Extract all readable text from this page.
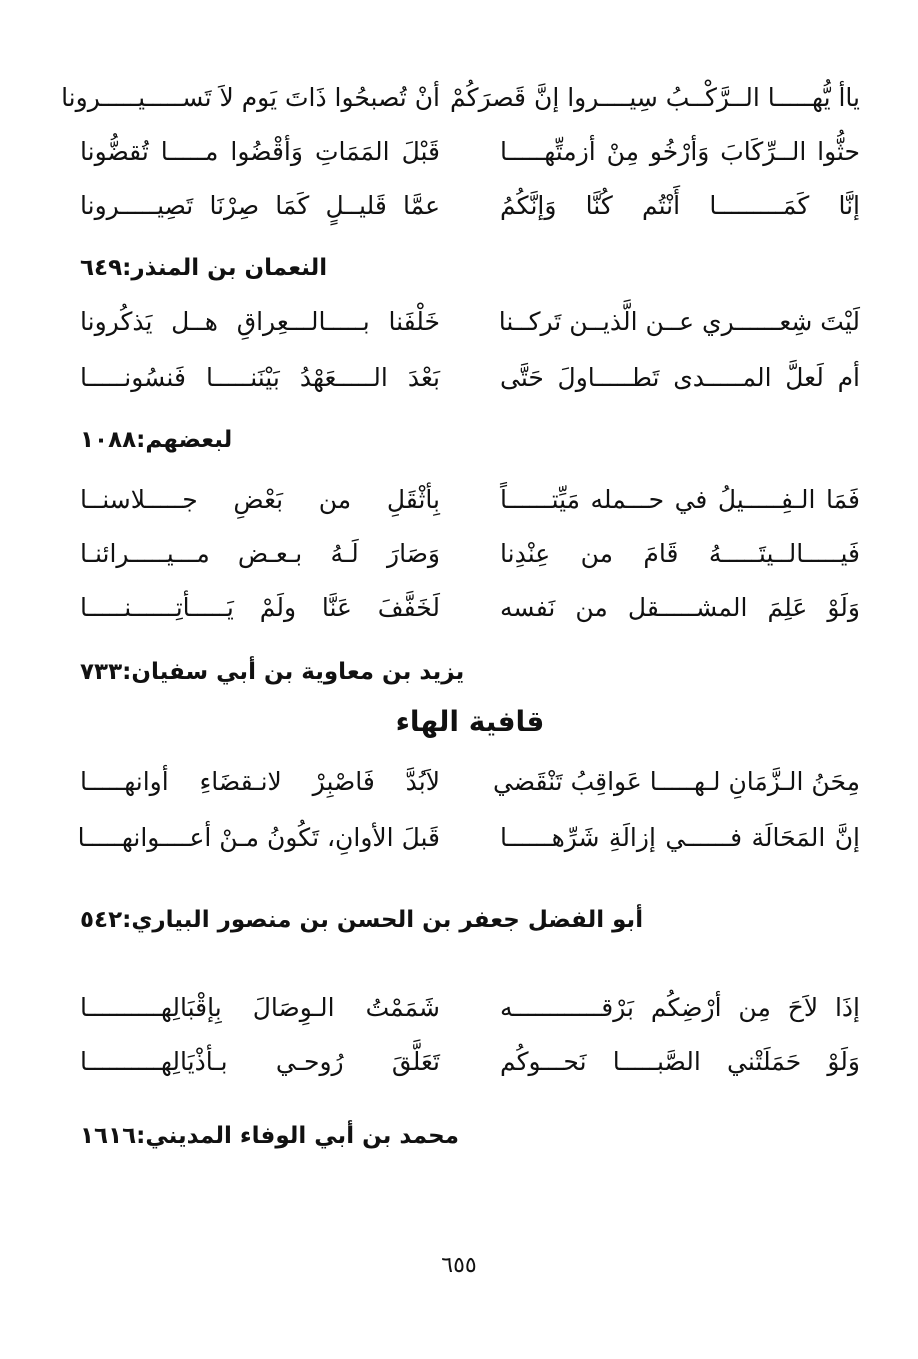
ياأ يُّهـــــا الــرَّكْــبُ سِيــــروا إنَّ قَصرَكُمْ
أنْ تُصبحُوا ذَاتَ يَوم لاَ تَســـــيـــــرونا
حثُّوا الــرِّكَابَ وَأرْخُو مِنْ أزمتِّهـــــا
قَبْلَ المَمَاتِ وَأقْضُوا مـــــا تُقضُّونا
إنَّا كَمَـــــــــا أَنْتُم كُنَّا وَإنَّكُمُ
عمَّا قَليــلٍ كَمَا صِرْنَا تَصِيـــــرونا
النعمان بن المنذر:٦٤٩
لَيْتَ شِعــــــري عــن الَّذيــن تَركــنا
خَلْفَنا بـــــالـــعِراقِ هــل يَذكُرونا
أم لَعلَّ المـــــدى تَطـــــاولَ حَتَّى
بَعْدَ الـــــعَهْدُ بَيْنَنـــــا فَنسُونـــــا
لبعضهم:١٠٨٨
فَمَا الـفِـــــيلُ في حـــمله مَيِّتــــــاً
بِأثْقَلِ من بَعْضِ جـــــلاسنــا
فَيـــــالــيتَـــــهُ قَامَ من عِنْدِنا
وَصَارَ لَـهُ بـعـض مـــيـــــرائنـا
وَلَوْ عَلِمَ المشـــــقل من نَفسه
لَخَفَّفَ عَنَّا ولَمْ يَـــــأتِــــــنـــــا
يزيد بن معاوية بن أبي سفيان:٧٣٣
قافية الهاء
مِحَنُ الـزَّمَانِ لـهـــــا عَواقِبُ تَنْقَضي
لاَبُدَّ فَاصْبِرْ لانـقضَاءِ أوانهـــــا
إنَّ المَحَالَة فــــــي إزالَةِ شَرِّهــــــا
قَبلَ الأوانِ، تَكُونُ مـنْ أعــــوانهـــــا
أبو الفضل جعفر بن الحسن بن منصور البياري:٥٤٢
إذَا لاَحَ مِن أرْضِكُم بَرْقــــــــــــه
شَمَمْتُ الـوِصَالَ بِإقْبَالِهــــــــــا
وَلَوْ حَمَلَتْني الصَّبـــــا نَحـــوكُم
تَعَلَّقَ رُوحـي بـأذْيَالِهــــــــــا
محمد بن أبي الوفاء المديني:١٦١٦
٦٥٥
